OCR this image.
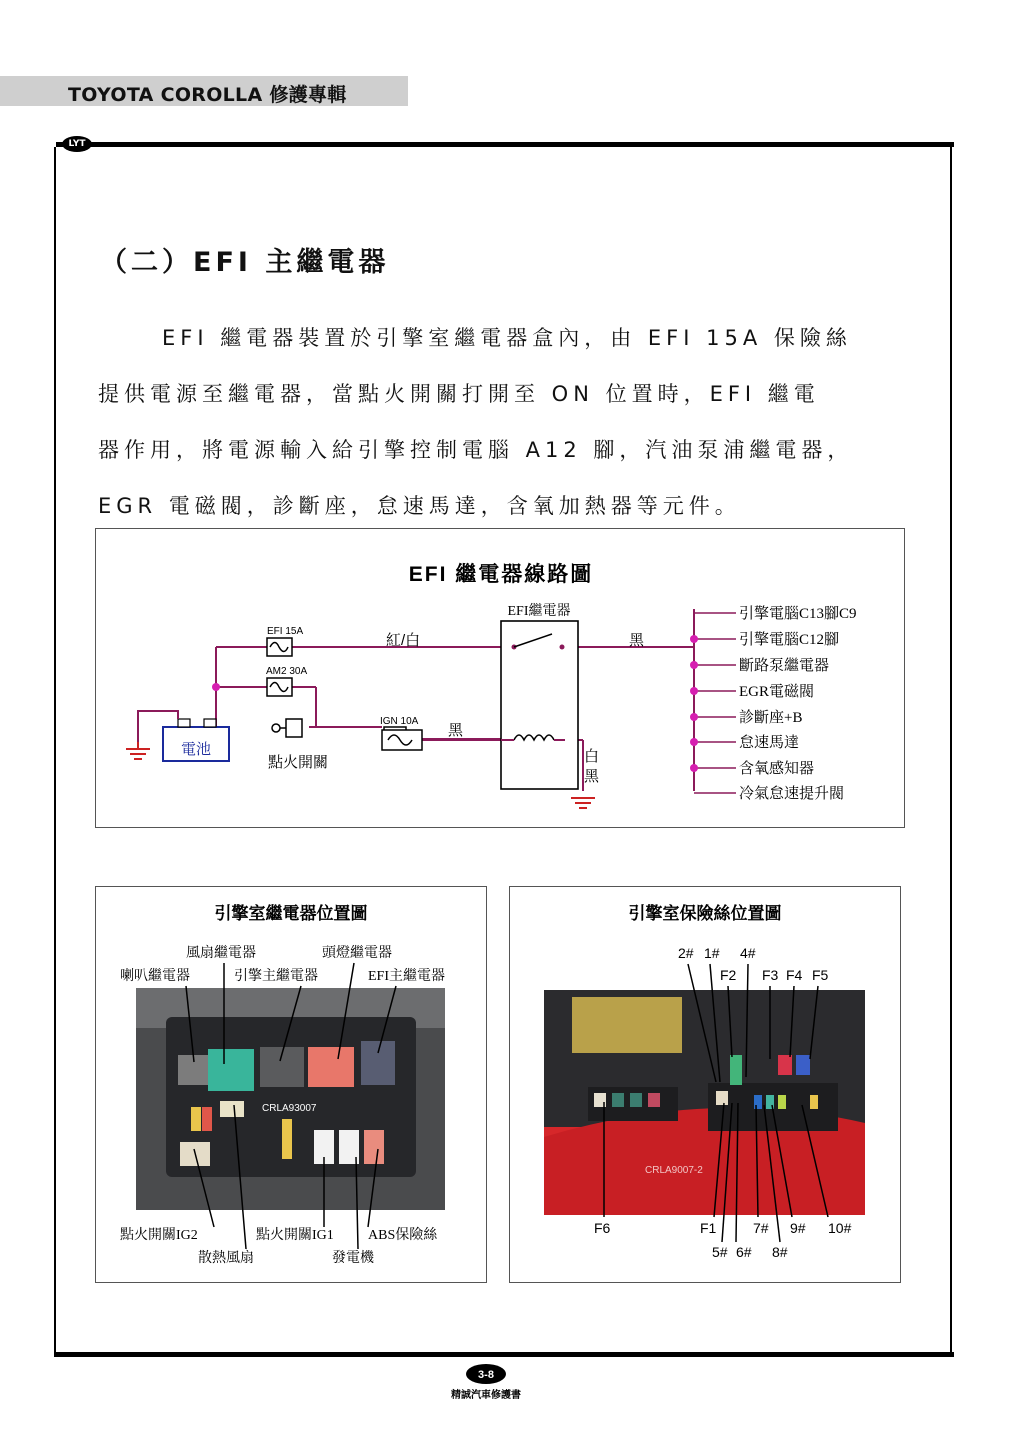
TOYOTA COROLLA 修護專輯
LYT
（二）EFI 主繼電器

EFI 繼電器裝置於引擎室繼電器盒內，由 EFI 15A 保險絲

提供電源至繼電器，當點火開關打開至 ON 位置時，EFI 繼電

器作用，將電源輸入給引擎控制電腦 A12 腳，汽油泵浦繼電器，

EGR 電磁閥，診斷座，怠速馬達，含氧加熱器等元件。

EFI 繼電器線路圖
EFI 15A
AM2 30A
IGN 10A
點火開關
電池
EFI繼電器
紅/白	黑
黑
白
黑
引擎電腦C13腳C9
引擎電腦C12腳
斷路泵繼電器
EGR電磁閥
診斷座+B
怠速馬達
含氧感知器
冷氣怠速提升閥
引擎室繼電器位置圖
風扇繼電器	頭燈繼電器
喇叭繼電器	引擎主繼電器	EFI主繼電器
CRLA93007
點火開關IG2	點火開關IG1 ABS保險絲
散熱風扇	發電機
引擎室保險絲位置圖
2# 1# 4#
F2 F3 F4 F5
CRLA9007-2
F6	F1	7# 9# 10#
5# 6# 8#
3-8
精誠汽車修護書
